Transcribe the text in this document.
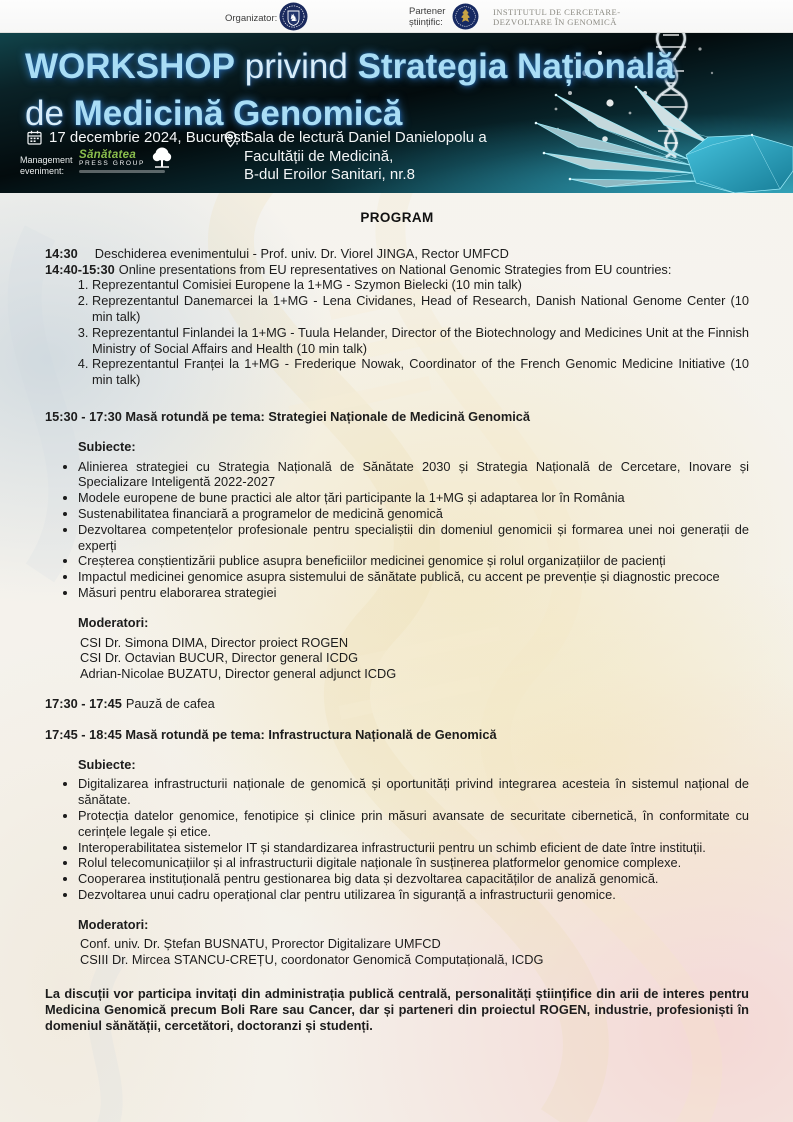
Organizator: ♞
Partener
științific:
INSTITUTUL DE CERCETARE-
DEZVOLTARE ÎN GENOMICĂ
WORKSHOP privind Strategia Națională
de Medicină Genomică
17 decembrie 2024, București
Sala de lectură Daniel Danielopolu a
Facultății de Medicină,
B-dul Eroilor Sanitari, nr.8
Management
eveniment:
Sănătatea
PRESS GROUP
PROGRAM

14:30 Deschiderea evenimentului - Prof. univ. Dr. Viorel JINGA, Rector UMFCD

14:40-15:30 Online presentations from EU representatives on National Genomic Strategies from EU countries:

1. Reprezentantul Comisiei Europene la 1+MG - Szymon Bielecki (10 min talk)
2. Reprezentantul Danemarcei la 1+MG - Lena Cividanes, Head of Research, Danish National Genome Center (10 min talk)
3. Reprezentantul Finlandei la 1+MG - Tuula Helander, Director of the Biotechnology and Medicines Unit at the Finnish Ministry of Social Affairs and Health (10 min talk)
4. Reprezentantul Franței la 1+MG - Frederique Nowak, Coordinator of the French Genomic Medicine Initiative (10 min talk)

15:30 - 17:30 Masă rotundă pe tema: Strategiei Naționale de Medicină Genomică

Subiecte:

• Alinierea strategiei cu Strategia Națională de Sănătate 2030 și Strategia Națională de Cercetare, Inovare și Specializare Inteligentă 2022-2027
• Modele europene de bune practici ale altor țări participante la 1+MG și adaptarea lor în România
• Sustenabilitatea financiară a programelor de medicină genomică
• Dezvoltarea competențelor profesionale pentru specialiștii din domeniul genomicii și formarea unei noi generații de experți
• Creșterea conștientizării publice asupra beneficiilor medicinei genomice și rolul organizațiilor de pacienți
• Impactul medicinei genomice asupra sistemului de sănătate publică, cu accent pe prevenție și diagnostic precoce
• Măsuri pentru elaborarea strategiei

Moderatori:

CSI Dr. Simona DIMA, Director proiect ROGEN
CSI Dr. Octavian BUCUR, Director general ICDG
Adrian-Nicolae BUZATU, Director general adjunct ICDG

17:30 - 17:45 Pauză de cafea

17:45 - 18:45 Masă rotundă pe tema: Infrastructura Națională de Genomică

Subiecte:

• Digitalizarea infrastructurii naționale de genomică și oportunități privind integrarea acesteia în sistemul național de sănătate.
• Protecția datelor genomice, fenotipice și clinice prin măsuri avansate de securitate cibernetică, în conformitate cu cerințele legale și etice.
• Interoperabilitatea sistemelor IT și standardizarea infrastructurii pentru un schimb eficient de date între instituții.
• Rolul telecomunicațiilor și al infrastructurii digitale naționale în susținerea platformelor genomice complexe.
• Cooperarea instituțională pentru gestionarea big data și dezvoltarea capacităților de analiză genomică.
• Dezvoltarea unui cadru operațional clar pentru utilizarea în siguranță a infrastructurii genomice.

Moderatori:

Conf. univ. Dr. Ștefan BUSNATU, Prorector Digitalizare UMFCD
CSIII Dr. Mircea STANCU-CREȚU, coordonator Genomică Computațională, ICDG

La discuții vor participa invitați din administrația publică centrală, personalități științifice din arii de interes pentru Medicina Genomică precum Boli Rare sau Cancer, dar și parteneri din proiectul ROGEN, industrie, profesioniști în domeniul sănătății, cercetători, doctoranzi și studenți.
